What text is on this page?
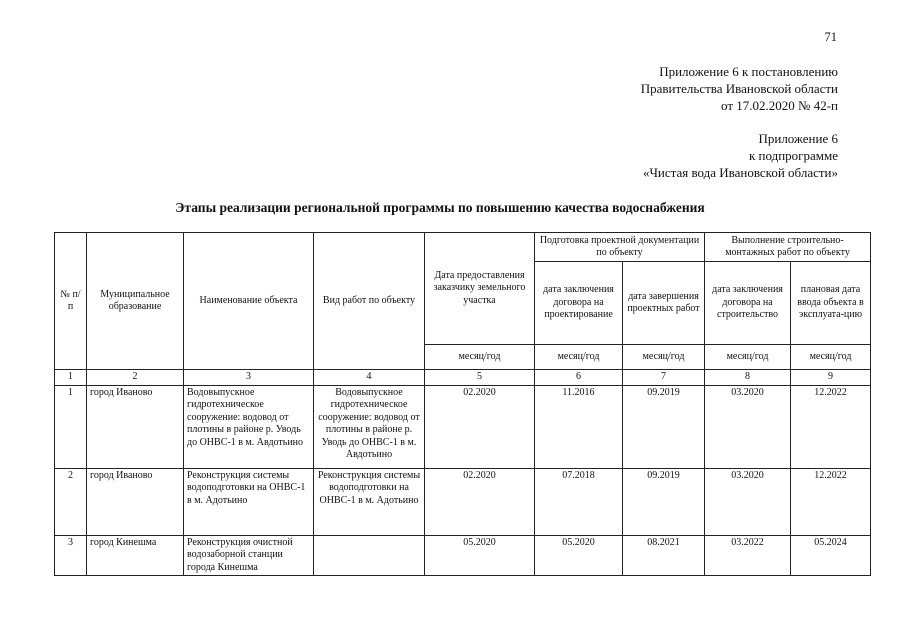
71
Приложение 6 к постановлению
Правительства Ивановской области
от 17.02.2020 № 42-п
Приложение 6
к подпрограмме
«Чистая вода Ивановской области»
Этапы реализации региональной программы по повышению качества водоснабжения
№ п/п	Муниципальное образование	Наименование объекта	Вид работ по объекту	Дата предоставления заказчику земельного участка	Подготовка проектной документации по объекту		Выполнение строительно-монтажных работ по объекту	
					дата заключения договора на проектирование	дата завершения проектных работ	дата заключения договора на строительство	плановая дата ввода объекта в эксплуата-цию
				месяц/год	месяц/год	месяц/год	месяц/год	месяц/год
1	2	3	4	5	6	7	8	9
1	город Иваново	Водовыпускное гидротехническое сооружение: водовод от плотины в районе р. Уводь до ОНВС-1 в м. Авдотьино	Водовыпускное гидротехническое сооружение: водовод от плотины в районе р. Уводь до ОНВС-1 в м. Авдотьино	02.2020	11.2016	09.2019	03.2020	12.2022
2	город Иваново	Реконструкция системы водоподготовки на ОНВС-1 в м. Адотьино	Реконструкция системы водоподготовки на ОНВС-1 в м. Адотьино	02.2020	07.2018	09.2019	03.2020	12.2022
3	город Кинешма	Реконструкция очистной водозаборной станции города Кинешма		05.2020	05.2020	08.2021	03.2022	05.2024
